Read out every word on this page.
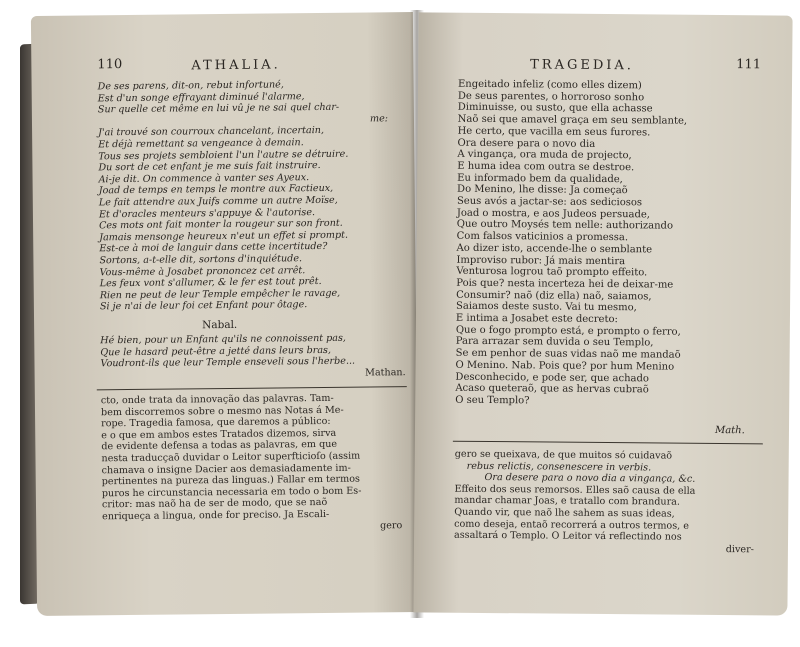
110	ATHALIA.
De ses parens, dit-on, rebut infortuné,
Est d'un songe effrayant diminué l'alarme,
Sur quelle cet même en lui vû je ne sai quel char-
me:
J'ai trouvé son courroux chancelant, incertain,
Et déjà remettant sa vengeance à demain.
Tous ses projets sembloient l'un l'autre se détruire.
Du sort de cet enfant je me suis fait instruire.
Ai-je dit. On commence à vanter ses Ayeux.
Joad de temps en temps le montre aux Factieux,
Le fait attendre aux Juifs comme un autre Moïse,
Et d'oracles menteurs s'appuye & l'autorise.
Ces mots ont fait monter la rougeur sur son front.
Jamais mensonge heureux n'eut un effet si prompt.
Est-ce à moi de languir dans cette incertitude?
Sortons, a-t-elle dit, sortons d'inquiétude.
Vous-même à Josabet prononcez cet arrêt.
Les feux vont s'allumer, & le fer est tout prêt.
Rien ne peut de leur Temple empêcher le ravage,
Si je n'ai de leur foi cet Enfant pour ôtage.
Nabal.
Hé bien, pour un Enfant qu'ils ne connoissent pas,
Que le hasard peut-être a jetté dans leurs bras,
Voudront-ils que leur Temple enseveli sous l'herbe...
Mathan.
cto, onde trata da innovação das palavras. Tam-
bem discorremos sobre o mesmo nas Notas á Me-
rope. Tragedia famosa, que daremos a público:
e o que em ambos estes Tratados dizemos, sirva
de evidente defensa a todas as palavras, em que
nesta traducçaõ duvidar o Leitor superfticioſo (assim
chamava o insigne Dacier aos demasiadamente im-
pertinentes na pureza das linguas.) Fallar em termos
puros he circunstancia necessaria em todo o bom Es-
critor: mas naõ ha de ser de modo, que se naõ
enriqueça a lingua, onde for preciso. Ja Escali-
gero
TRAGEDIA.	111
Engeitado infeliz (como elles dizem)
De seus parentes, o horroroso sonho
Diminuisse, ou susto, que ella achasse
Naõ sei que amavel graça em seu semblante,
He certo, que vacilla em seus furores.
Ora desere para o novo dia
A vingança, ora muda de projecto,
E huma idea com outra se destroe.
Eu informado bem da qualidade,
Do Menino, lhe disse: Ja começaõ
Seus avós a jactar-se: aos sediciosos
Joad o mostra, e aos Judeos persuade,
Que outro Moysés tem nelle: authorizando
Com falsos vaticinios a promessa.
Ao dizer isto, accende-lhe o semblante
Improviso rubor: Já mais mentira
Venturosa logrou taõ prompto effeito.
Pois que? nesta incerteza hei de deixar-me
Consumir? naõ (diz ella) naõ, saiamos,
Saiamos deste susto. Vai tu mesmo,
E intima a Josabet este decreto:
Que o fogo prompto está, e prompto o ferro,
Para arrazar sem duvida o seu Templo,
Se em penhor de suas vidas naõ me mandaõ
O Menino. Nab. Pois que? por hum Menino
Desconhecido, e pode ser, que achado
Acaso queteraõ, que as hervas cubraõ
O seu Templo?
Math.
gero se queixava, de que muitos só cuidavaõ
rebus relictis, consenescere in verbis.
Ora desere para o novo dia a vingança, &c.
Effeito dos seus remorsos. Elles saõ causa de ella
mandar chamar Joas, e tratallo com brandura.
Quando vir, que naõ lhe sahem as suas ideas,
como deseja, entaõ recorrerá a outros termos, e
assaltará o Templo. O Leitor vá reflectindo nos
diver-
